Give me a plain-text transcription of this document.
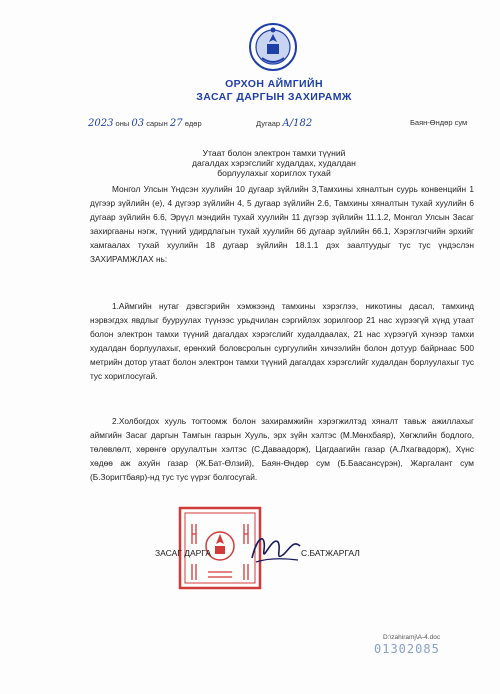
ОРХОН АЙМГИЙН
ЗАСАГ ДАРГЫН ЗАХИРАМЖ
2023 оны 03 сарын 27 өдөр	Дугаар А/182	Баян-Өндөр сум
Утаат болон электрон тамхи түүний
дагалдах хэрэгслийг худалдах, худалдан
борлуулахыг хориглох тухай
Монгол Улсын Үндсэн хуулийн 10 дугаар зүйлийн 3,Тамхины хяналтын суурь конвенцийн 1 дүгээр зүйлийн (е), 4 дүгээр зүйлийн 4, 5 дугаар зүйлийн 2.6, Тамхины хяналтын тухай хуулийн 6 дугаар зүйлийн 6.6, Эрүүл мэндийн тухай хуулийн 11 дүгээр зүйлийн 11.1.2, Монгол Улсын Засаг захиргааны нэгж, түүний удирдлагын тухай хуулийн 66 дугаар зүйлийн 66.1, Хэрэглэгчийн эрхийг хамгаалах тухай хуулийн 18 дугаар зүйлийн 18.1.1 дэх заалтуудыг тус тус үндэслэн ЗАХИРАМЖЛАХ нь:
1.Аймгийн нутаг дэвсгэрийн хэмжээнд тамхины хэрэглээ, никотины дасал, тамхинд нэрвэгдэх явдлыг бууруулах түүнээс урьдчилан сэргийлэх зорилгоор 21 нас хүрээгүй хүнд утаат болон электрон тамхи түүний дагалдах хэрэгслийг худалдаалах, 21 нас хүрээгүй хүнээр тамхи худалдан борлуулахыг, ерөнхий боловсролын сургуулийн хичээлийн болон дотуур байрнаас 500 метрийн дотор утаат болон электрон тамхи түүний дагалдах хэрэгслийг худалдан борлуулахыг тус тус хориглосугай.
2.Холбогдох хууль тогтоомж болон захирамжийн хэрэгжилтэд хяналт тавьж ажиллахыг аймгийн Засаг даргын Тамгын газрын Хууль, эрх зүйн хэлтэс (М.Мөнхбаяр), Хөгжлийн бодлого, төлөвлөлт, хөрөнгө оруулалтын хэлтэс (С.Даваадорж), Цагдаагийн газар (А.Лхагвадорж), Хүнс хөдөө аж ахуйн газар (Ж.Бат-Өлзий), Баян-Өндөр сум (Б.Баасансүрэн), Жаргалант сум (Б.Зоригтбаяр)-нд тус тус үүрэг болгосугай.
ЗАСАГ ДАРГА	С.БАТЖАРГАЛ
D:\zahiramj\A-4.doc
01302085
